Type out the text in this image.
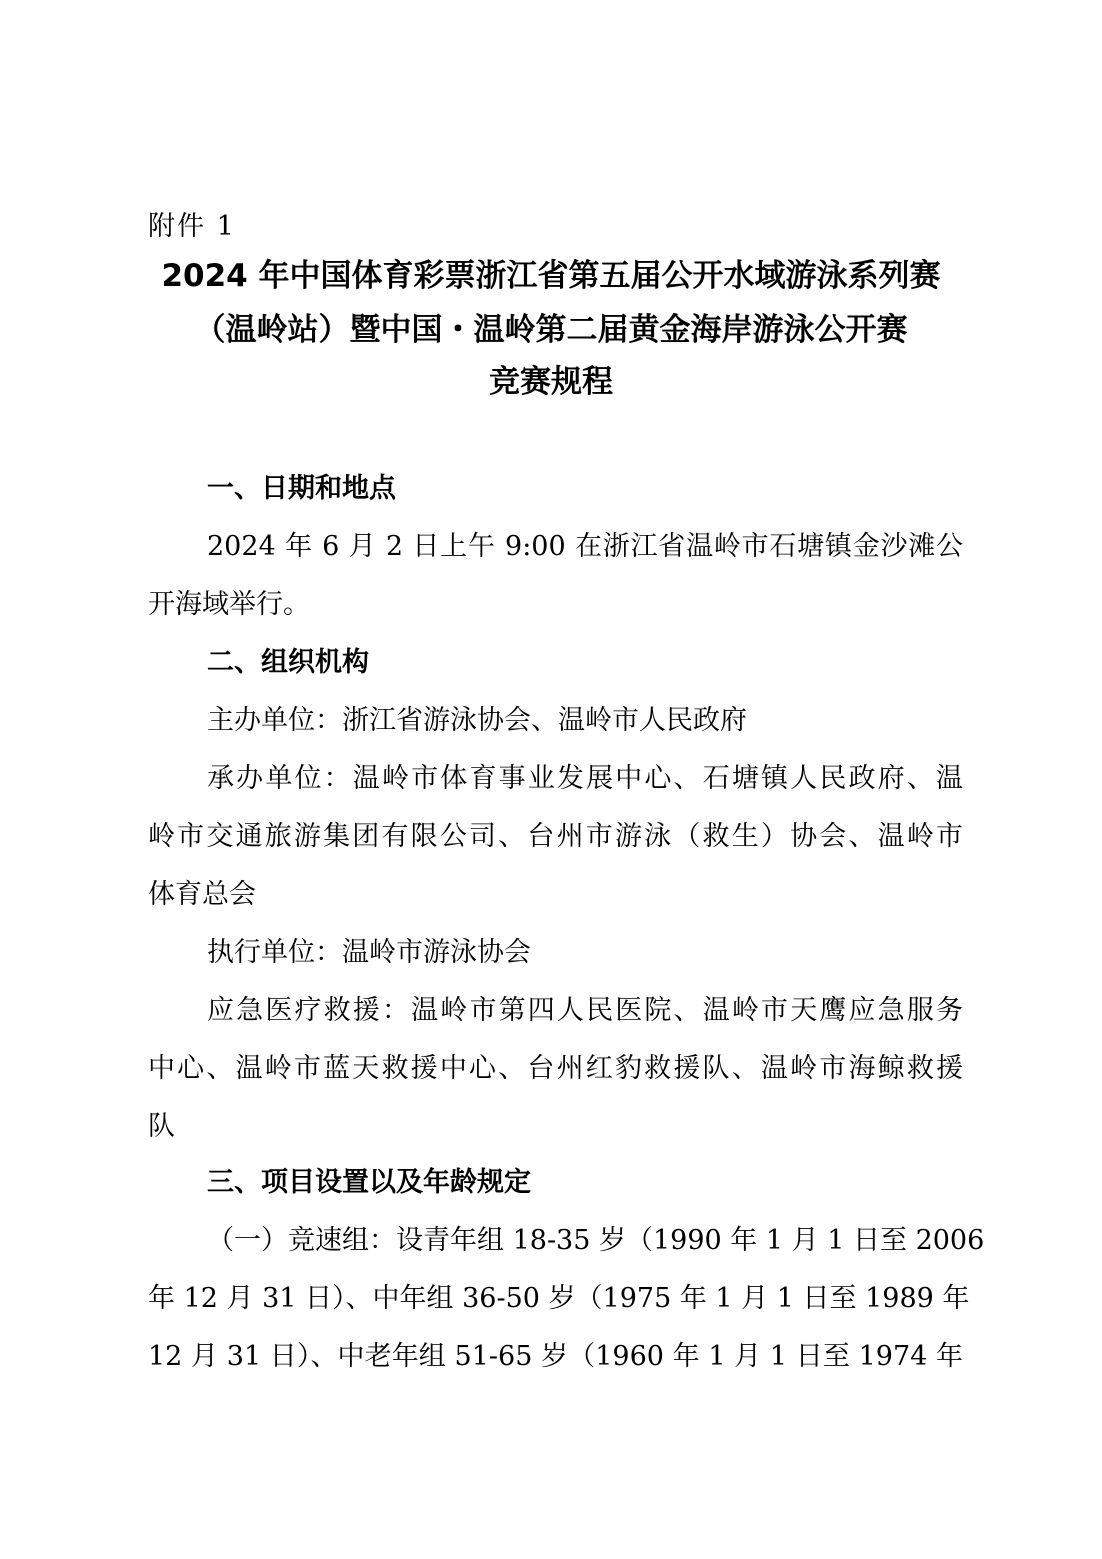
附件 1
2024 年中国体育彩票浙江省第五届公开水域游泳系列赛
（温岭站）暨中国・温岭第二届黄金海岸游泳公开赛
竞赛规程
一、日期和地点
2024 年 6 月 2 日上午 9:00 在浙江省温岭市石塘镇金沙滩公
开海域举行。
二、组织机构
主办单位：浙江省游泳协会、温岭市人民政府
承办单位：温岭市体育事业发展中心、石塘镇人民政府、温
岭市交通旅游集团有限公司、台州市游泳（救生）协会、温岭市
体育总会
执行单位：温岭市游泳协会
应急医疗救援：温岭市第四人民医院、温岭市天鹰应急服务
中心、温岭市蓝天救援中心、台州红豹救援队、温岭市海鲸救援
队
三、项目设置以及年龄规定
（一）竞速组：设青年组 18-35 岁（1990 年 1 月 1 日至 2006
年 12 月 31 日）、中年组 36-50 岁（1975 年 1 月 1 日至 1989 年
12 月 31 日）、中老年组 51-65 岁（1960 年 1 月 1 日至 1974 年
